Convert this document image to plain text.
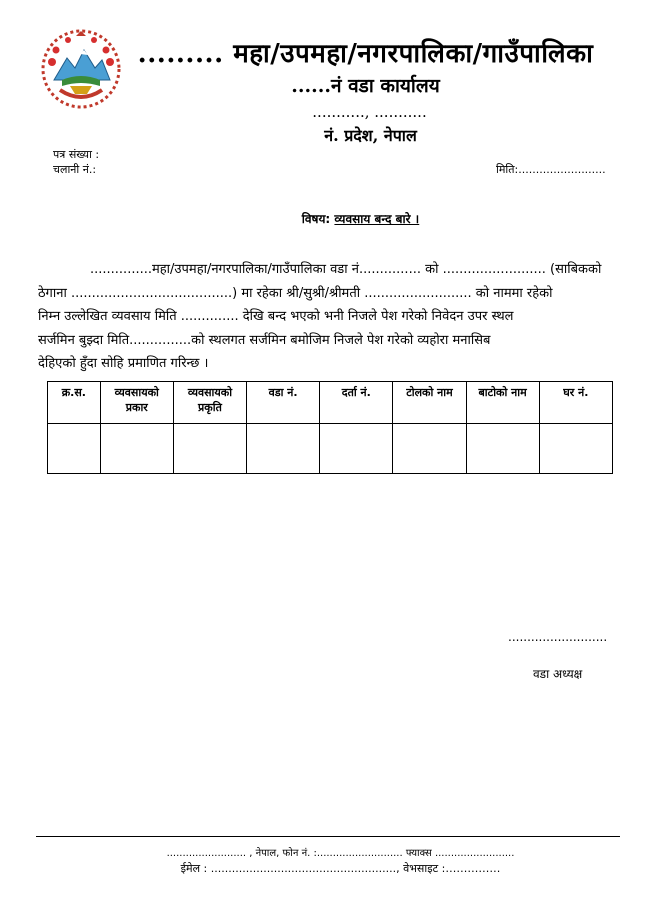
......... महा/उपमहा/नगरपालिका/गाउँपालिका
......नं वडा कार्यालय
..........., ...........
नं. प्रदेश, नेपाल
पत्र संख्या :
चलानी नं.:	मिति:.........................
विषय: व्यवसाय बन्द बारे ।

...............महा/उपमहा/नगरपालिका/गाउँपालिका वडा नं............... को ......................... (साबिकको

ठेगाना .......................................) मा रहेका श्री/सुश्री/श्रीमती .......................... को नाममा रहेको

निम्न उल्लेखित व्यवसाय मिति .............. देखि बन्द भएको भनी निजले पेश गरेको निवेदन उपर स्थल

सर्जमिन बुझ्दा मिति...............को स्थलगत सर्जमिन बमोजिम निजले पेश गरेको व्यहोरा मनासिब

देहिएको हुँदा सोहि प्रमाणित गरिन्छ ।

क्र.स.	व्यवसायको प्रकार	व्यवसायको प्रकृति	वडा नं.	दर्ता नं.	टोलको नाम	बाटोको नाम	घर नं.

..........................
वडा अध्यक्ष
......................... , नेपाल, फोन नं. :........................... फ्याक्स .........................
ईमेल : ....................................................., वेभसाइट :……………
